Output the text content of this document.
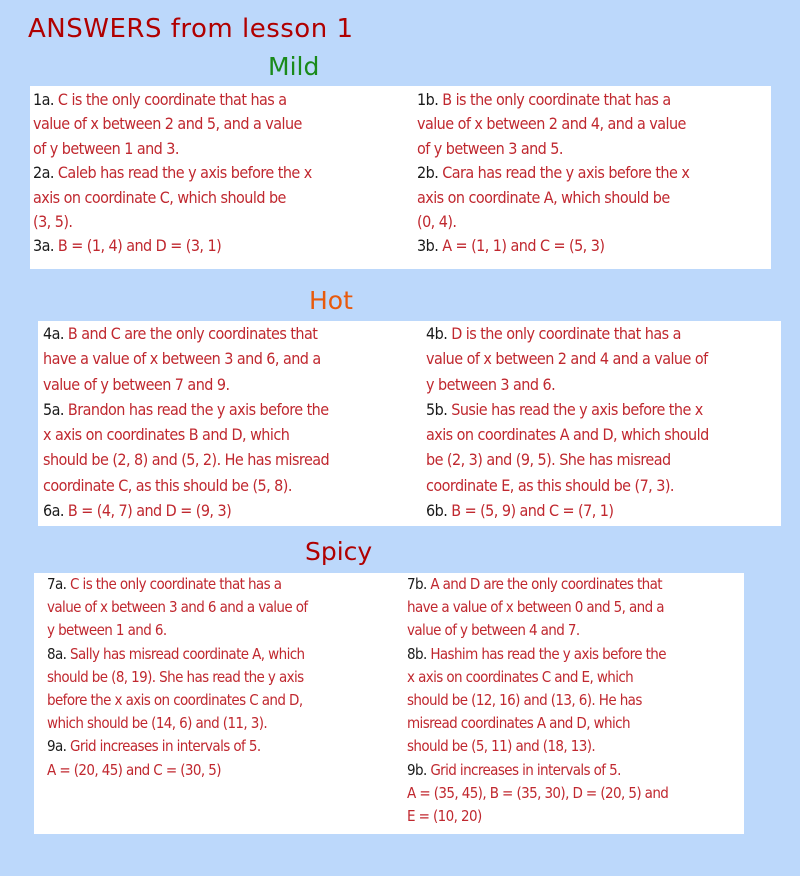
ANSWERS from lesson 1
Mild
1a. C is the only coordinate that has a
value of x between 2 and 5, and a value
of y between 1 and 3.
2a. Caleb has read the y axis before the x
axis on coordinate C, which should be
(3, 5).
3a. B = (1, 4) and D = (3, 1)
1b. B is the only coordinate that has a
value of x between 2 and 4, and a value
of y between 3 and 5.
2b. Cara has read the y axis before the x
axis on coordinate A, which should be
(0, 4).
3b. A = (1, 1) and C = (5, 3)
Hot
4a. B and C are the only coordinates that
have a value of x between 3 and 6, and a
value of y between 7 and 9.
5a. Brandon has read the y axis before the
x axis on coordinates B and D, which
should be (2, 8) and (5, 2). He has misread
coordinate C, as this should be (5, 8).
6a. B = (4, 7) and D = (9, 3)
4b. D is the only coordinate that has a
value of x between 2 and 4 and a value of
y between 3 and 6.
5b. Susie has read the y axis before the x
axis on coordinates A and D, which should
be (2, 3) and (9, 5). She has misread
coordinate E, as this should be (7, 3).
6b. B = (5, 9) and C = (7, 1)
Spicy
7a. C is the only coordinate that has a
value of x between 3 and 6 and a value of
y between 1 and 6.
8a. Sally has misread coordinate A, which
should be (8, 19). She has read the y axis
before the x axis on coordinates C and D,
which should be (14, 6) and (11, 3).
9a. Grid increases in intervals of 5.
A = (20, 45) and C = (30, 5)
7b. A and D are the only coordinates that
have a value of x between 0 and 5, and a
value of y between 4 and 7.
8b. Hashim has read the y axis before the
x axis on coordinates C and E, which
should be (12, 16) and (13, 6). He has
misread coordinates A and D, which
should be (5, 11) and (18, 13).
9b. Grid increases in intervals of 5.
A = (35, 45), B = (35, 30), D = (20, 5) and
E = (10, 20)
